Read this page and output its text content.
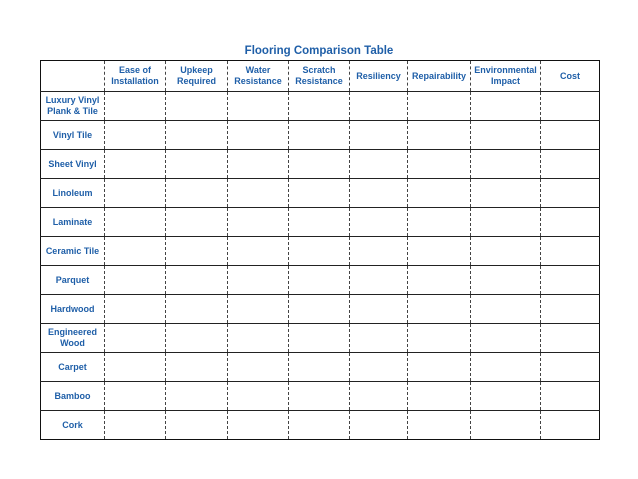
Flooring Comparison Table
	Ease of Installation	Upkeep Required	Water Resistance	Scratch Resistance	Resiliency	Repairability	Environmental Impact	Cost
Luxury Vinyl Plank & Tile								
Vinyl Tile								
Sheet Vinyl								
Linoleum								
Laminate								
Ceramic Tile								
Parquet								
Hardwood								
Engineered Wood								
Carpet								
Bamboo								
Cork								
